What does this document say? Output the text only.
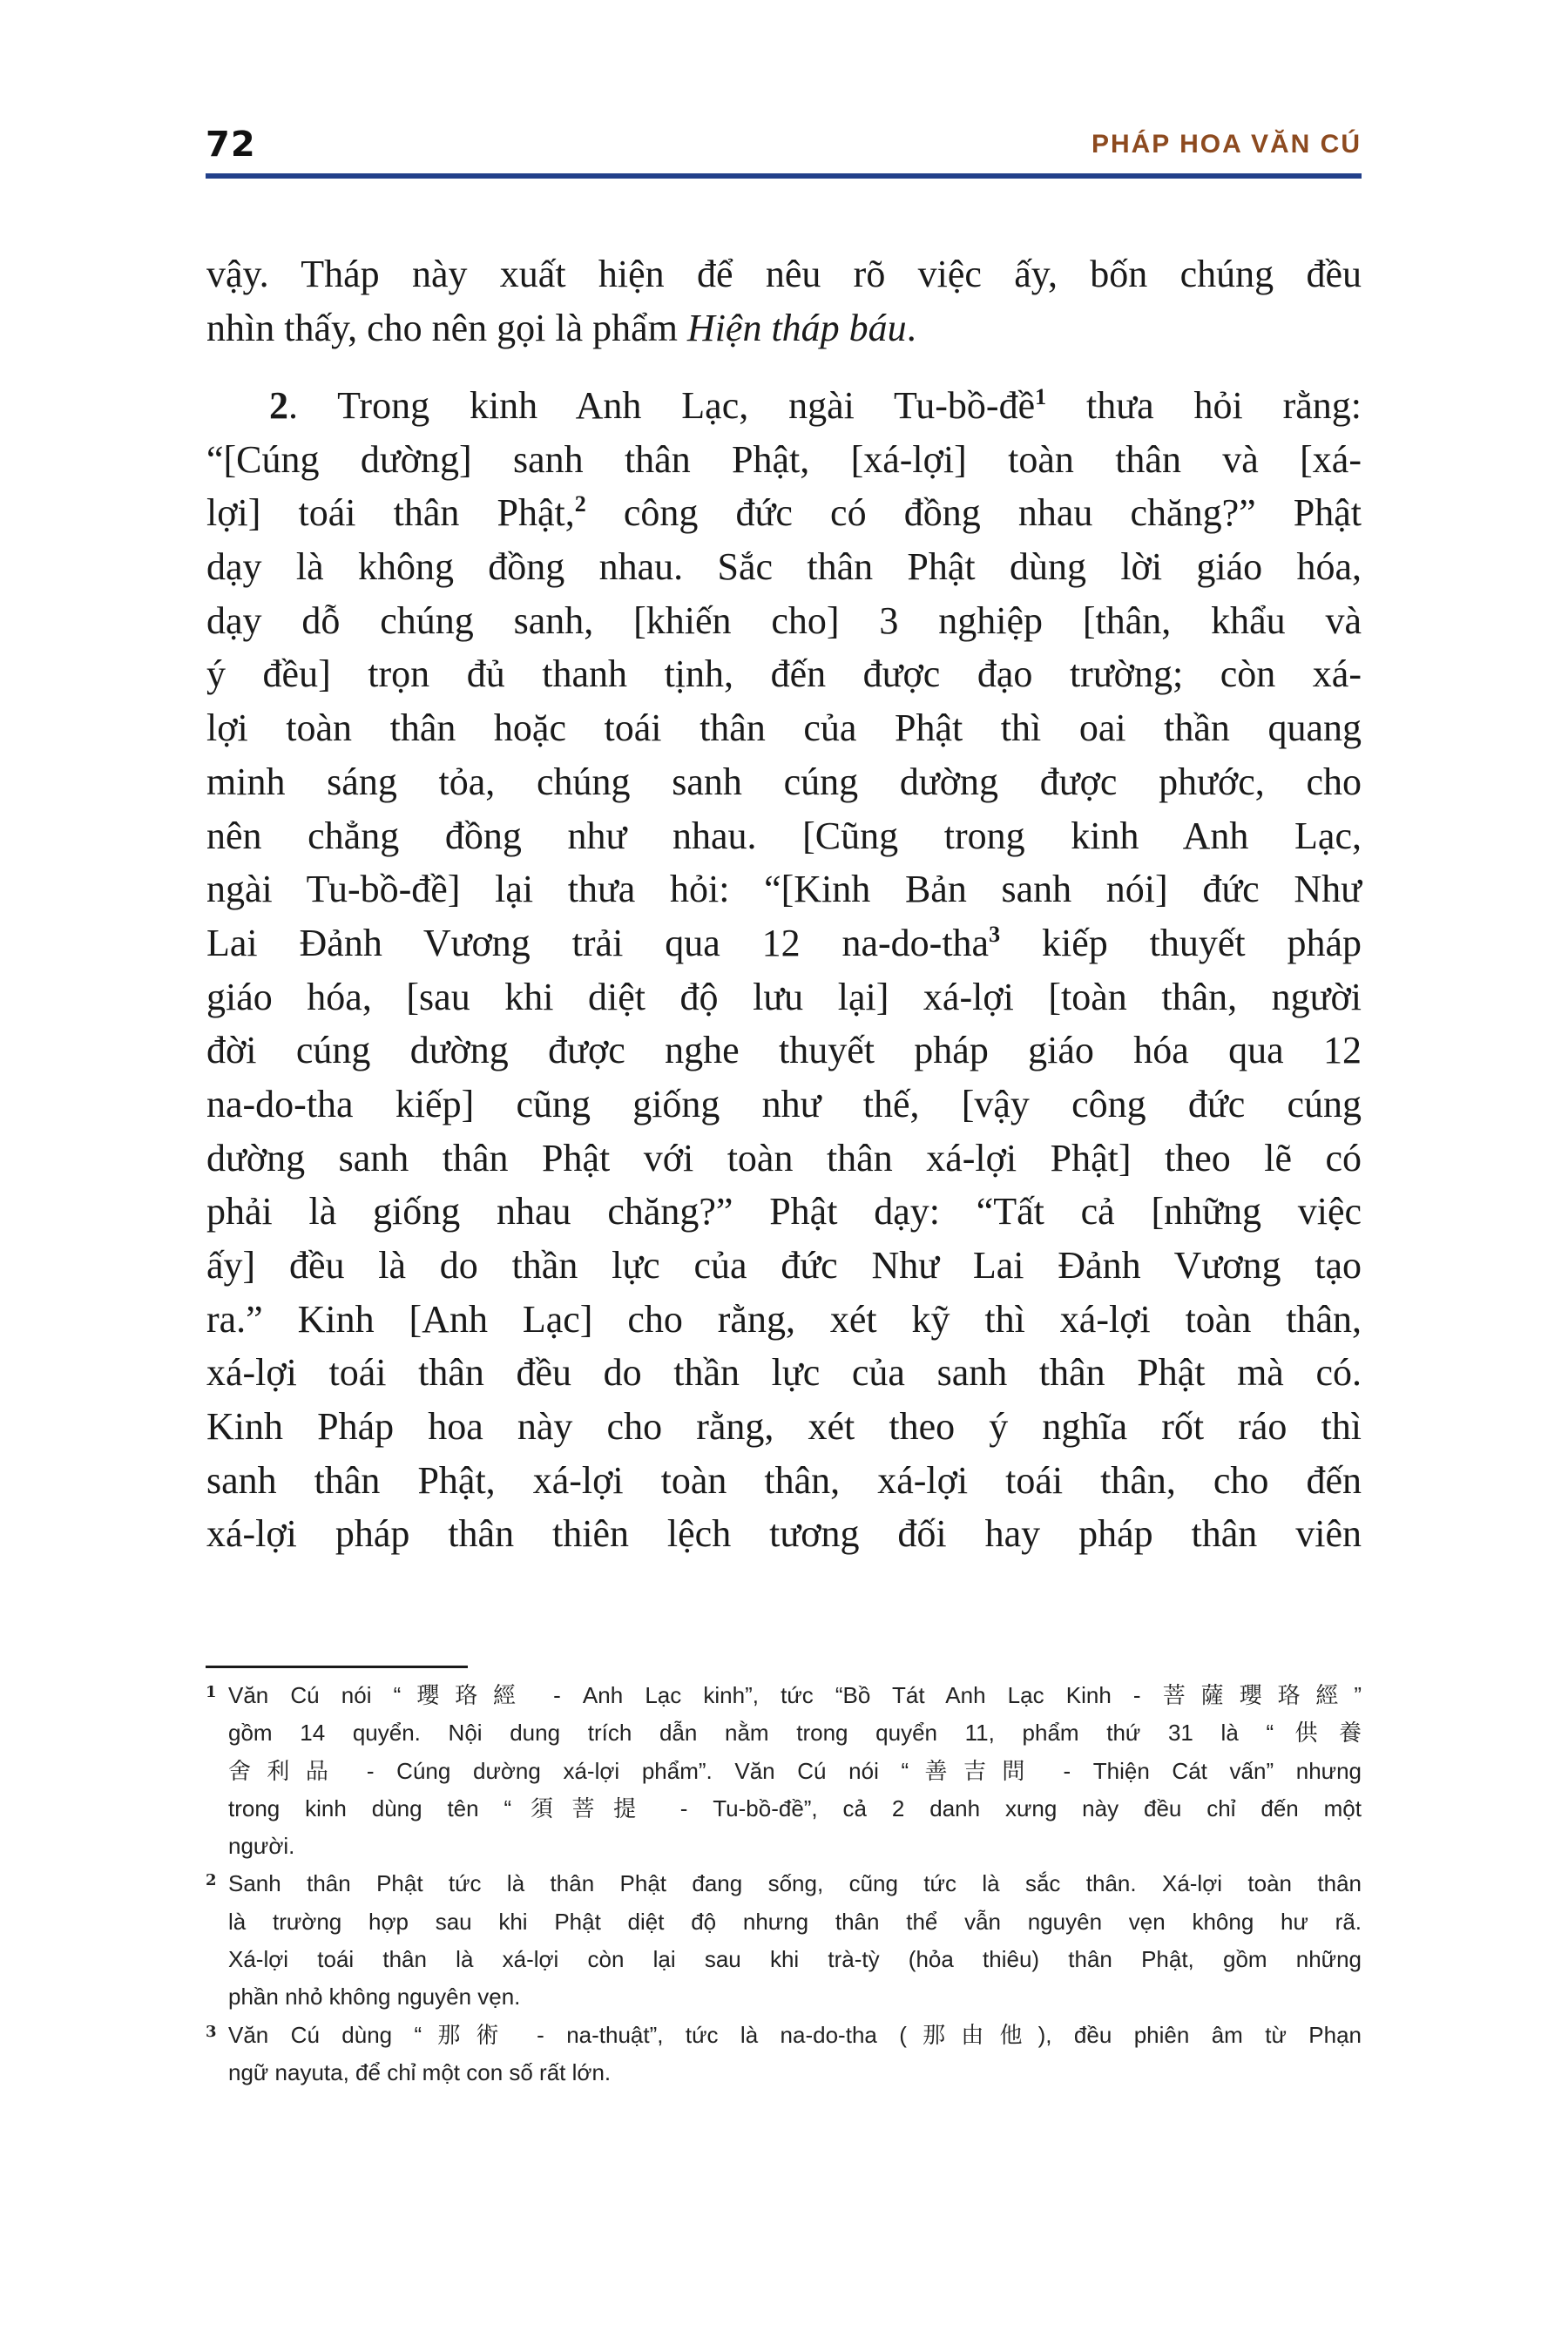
72	PHÁP HOA VĂN CÚ
vậy. Tháp này xuất hiện để nêu rõ việc ấy, bốn chúng đều
nhìn thấy, cho nên gọi là phẩm Hiện tháp báu.
2. Trong kinh Anh Lạc, ngài Tu-bồ-đề$^1$ thưa hỏi rằng:
“[Cúng dường] sanh thân Phật, [xá-lợi] toàn thân và [xá-
lợi] toái thân Phật,$^2$ công đức có đồng nhau chăng?” Phật
dạy là không đồng nhau. Sắc thân Phật dùng lời giáo hóa,
dạy dỗ chúng sanh, [khiến cho] 3 nghiệp [thân, khẩu và
ý đều] trọn đủ thanh tịnh, đến được đạo trường; còn xá-
lợi toàn thân hoặc toái thân của Phật thì oai thần quang
minh sáng tỏa, chúng sanh cúng dường được phước, cho
nên chẳng đồng như nhau. [Cũng trong kinh Anh Lạc,
ngài Tu-bồ-đề] lại thưa hỏi: “[Kinh Bản sanh nói] đức Như
Lai Đảnh Vương trải qua 12 na-do-tha$^3$ kiếp thuyết pháp
giáo hóa, [sau khi diệt độ lưu lại] xá-lợi [toàn thân, người
đời cúng dường được nghe thuyết pháp giáo hóa qua 12
na-do-tha kiếp] cũng giống như thế, [vậy công đức cúng
dường sanh thân Phật với toàn thân xá-lợi Phật] theo lẽ có
phải là giống nhau chăng?” Phật dạy: “Tất cả [những việc
ấy] đều là do thần lực của đức Như Lai Đảnh Vương tạo
ra.” Kinh [Anh Lạc] cho rằng, xét kỹ thì xá-lợi toàn thân,
xá-lợi toái thân đều do thần lực của sanh thân Phật mà có.
Kinh Pháp hoa này cho rằng, xét theo ý nghĩa rốt ráo thì
sanh thân Phật, xá-lợi toàn thân, xá-lợi toái thân, cho đến
xá-lợi pháp thân thiên lệch tương đối hay pháp thân viên
1 Văn Cú nói “瓔珞經 - Anh Lạc kinh”, tức “Bồ Tát Anh Lạc Kinh - 菩薩瓔珞經”
gồm 14 quyển. Nội dung trích dẫn nằm trong quyển 11, phẩm thứ 31 là “供養
舍利品 - Cúng dường xá-lợi phẩm”. Văn Cú nói “善吉問 - Thiện Cát vấn” nhưng
trong kinh dùng tên “須菩提 - Tu-bồ-đề”, cả 2 danh xưng này đều chỉ đến một
người.
2 Sanh thân Phật tức là thân Phật đang sống, cũng tức là sắc thân. Xá-lợi toàn thân
là trường hợp sau khi Phật diệt độ nhưng thân thể vẫn nguyên vẹn không hư rã.
Xá-lợi toái thân là xá-lợi còn lại sau khi trà-tỳ (hỏa thiêu) thân Phật, gồm những
phần nhỏ không nguyên vẹn.
3 Văn Cú dùng “那術 - na-thuật”, tức là na-do-tha (那由他), đều phiên âm từ Phạn
ngữ nayuta, để chỉ một con số rất lớn.
